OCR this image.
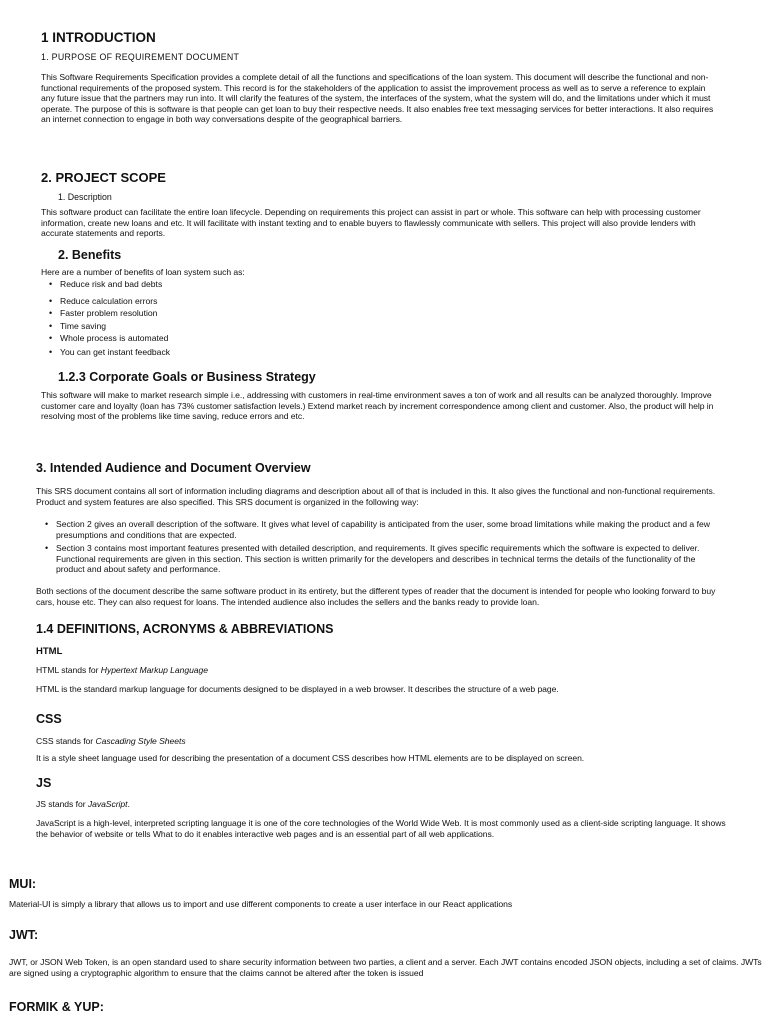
1 INTRODUCTION
1. PURPOSE OF REQUIREMENT DOCUMENT

This Software Requirements Specification provides a complete detail of all the functions and specifications of the loan system. This document will describe the functional and non- functional requirements of the proposed system. This record is for the stakeholders of the application to assist the improvement process as well as to serve a reference to explain any future issue that the partners may run into. It will clarify the features of the system, the interfaces of the system, what the system will do, and the limitations under which it must operate. The purpose of this is software is that people can get loan to buy their respective needs. It also enables free text messaging services for better interactions. It also requires an internet connection to engage in both way conversations despite of the geographical barriers.

2. PROJECT SCOPE
1. Description

This software product can facilitate the entire loan lifecycle. Depending on requirements this project can assist in part or whole. This software can help with processing customer information, create new loans and etc. It will facilitate with instant texting and to enable buyers to flawlessly communicate with sellers. This project will also provide lenders with accurate statements and reports.

2. Benefits
Here are a number of benefits of loan system such as:
• Reduce risk and bad debts
• Reduce calculation errors
• Faster problem resolution
• Time saving
• Whole process is automated
• You can get instant feedback
1.2.3 Corporate Goals or Business Strategy

This software will make to market research simple i.e., addressing with customers in real-time environment saves a ton of work and all results can be analyzed thoroughly. Improve customer care and loyalty (loan has 73% customer satisfaction levels.) Extend market reach by increment correspondence among client and customer. Also, the product will help in resolving most of the problems like time saving, reduce errors and etc.

3. Intended Audience and Document Overview

This SRS document contains all sort of information including diagrams and description about all of that is included in this. It also gives the functional and non-functional requirements. Product and system features are also specified. This SRS document is organized in the following way:

• Section 2 gives an overall description of the software. It gives what level of capability is anticipated from the user, some broad limitations while making the product and a few presumptions and conditions that are expected.
• Section 3 contains most important features presented with detailed description, and requirements. It gives specific requirements which the software is expected to deliver. Functional requirements are given in this section. This section is written primarily for the developers and describes in technical terms the details of the functionality of the product and about safety and performance.

Both sections of the document describe the same software product in its entirety, but the different types of reader that the document is intended for people who looking forward to buy cars, house etc. They can also request for loans. The intended audience also includes the sellers and the banks ready to provide loan.

1.4 DEFINITIONS, ACRONYMS & ABBREVIATIONS
HTML
HTML stands for Hypertext Markup Language

HTML is the standard markup language for documents designed to be displayed in a web browser. It describes the structure of a web page.

CSS
CSS stands for Cascading Style Sheets

It is a style sheet language used for describing the presentation of a document CSS describes how HTML elements are to be displayed on screen.

JS
JS stands for JavaScript.

JavaScript is a high-level, interpreted scripting language it is one of the core technologies of the World Wide Web. It is most commonly used as a client-side scripting language. It shows the behavior of website or tells What to do it enables interactive web pages and is an essential part of all web applications.

MUI:

Material-UI is simply a library that allows us to import and use different components to create a user interface in our React applications

JWT:

JWT, or JSON Web Token, is an open standard used to share security information between two parties, a client and a server. Each JWT contains encoded JSON objects, including a set of claims. JWTs are signed using a cryptographic algorithm to ensure that the claims cannot be altered after the token is issued

FORMIK & YUP:
